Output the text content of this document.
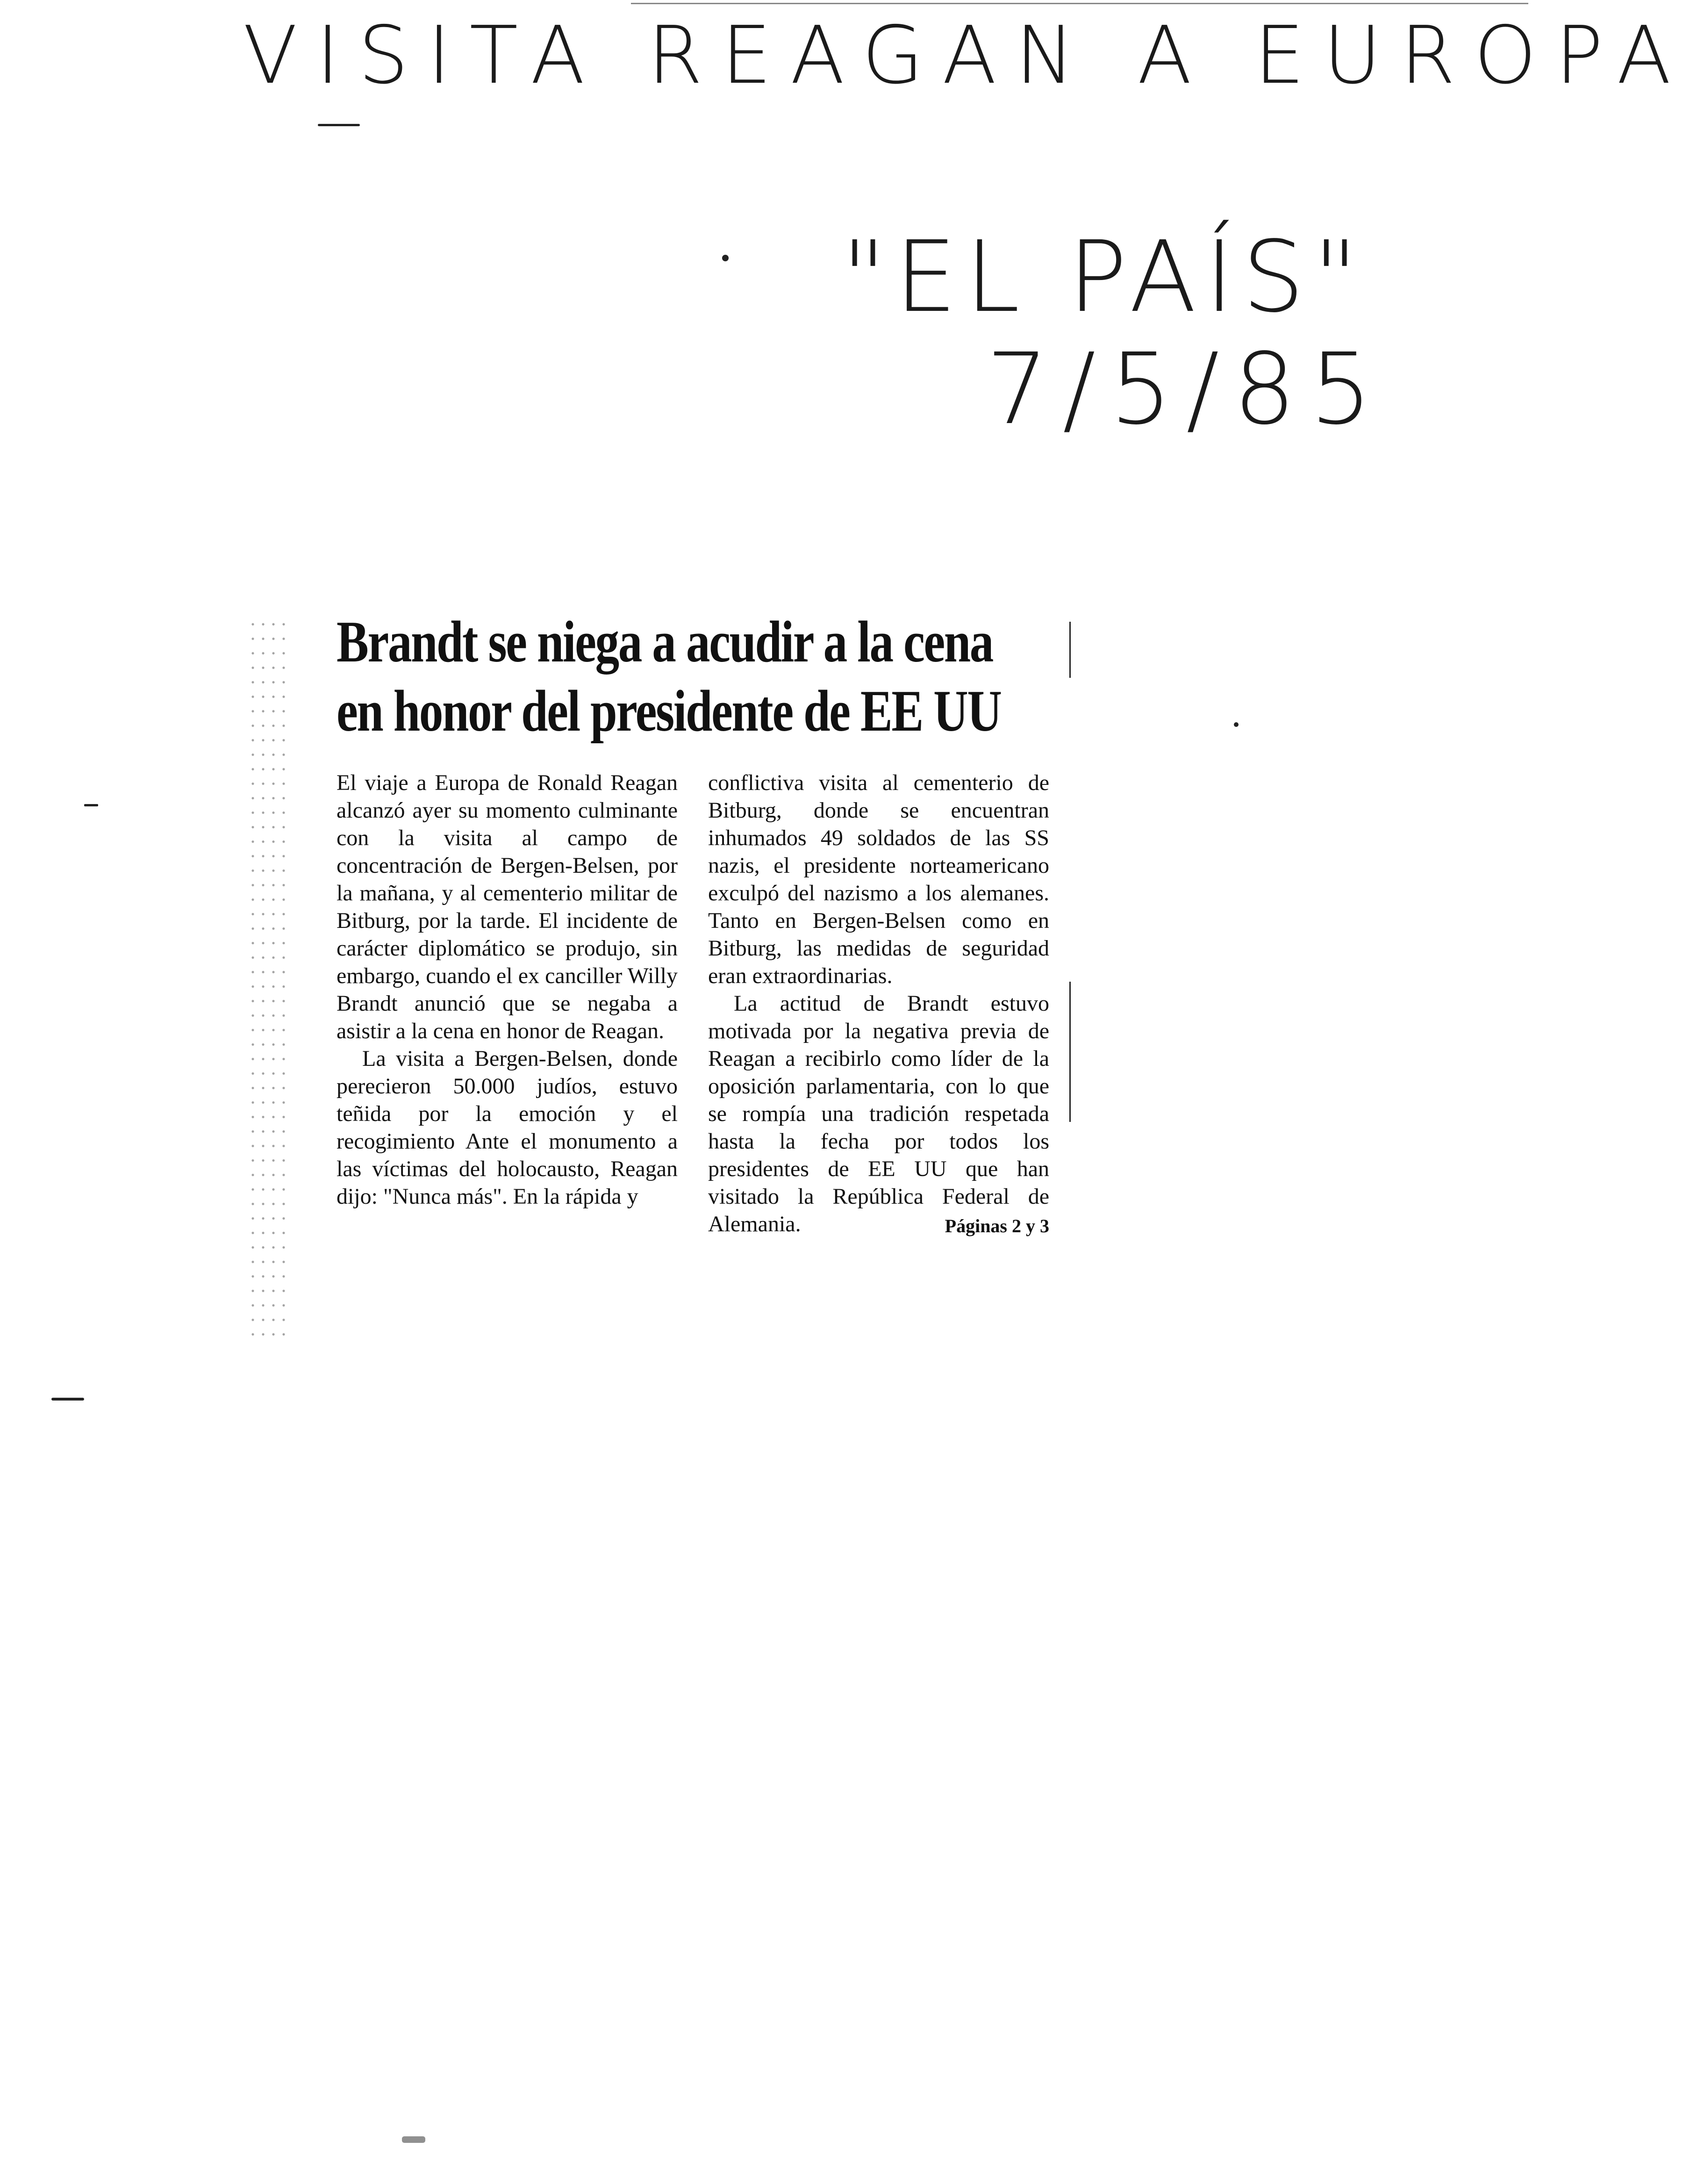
VISITA REAGAN A EUROPA
"EL PAÍS"
7/5/85
Brandt se niega a acudir a la cena
en honor del presidente de EE UU

El viaje a Europa de Ronald Reagan alcanzó ayer su momento culminante con la visita al campo de concentración de Bergen-Belsen, por la mañana, y al cementerio militar de Bitburg, por la tarde. El incidente de carácter diplomático se produjo, sin embargo, cuando el ex canciller Willy Brandt anunció que se negaba a asistir a la cena en honor de Reagan.

La visita a Bergen-Belsen, donde perecieron 50.000 judíos, estuvo teñida por la emoción y el recogimiento Ante el monumento a las víctimas del holocausto, Reagan dijo: "Nunca más". En la rápida y

conflictiva visita al cementerio de Bitburg, donde se encuentran inhumados 49 soldados de las SS nazis, el presidente norteamericano exculpó del nazismo a los alemanes. Tanto en Bergen-Belsen como en Bitburg, las medidas de seguridad eran extraordinarias.

La actitud de Brandt estuvo motivada por la negativa previa de Reagan a recibirlo como líder de la oposición parlamentaria, con lo que se rompía una tradición respetada hasta la fecha por todos los presidentes de EE UU que han visitado la República Federal de Alemania.	Páginas 2 y 3
